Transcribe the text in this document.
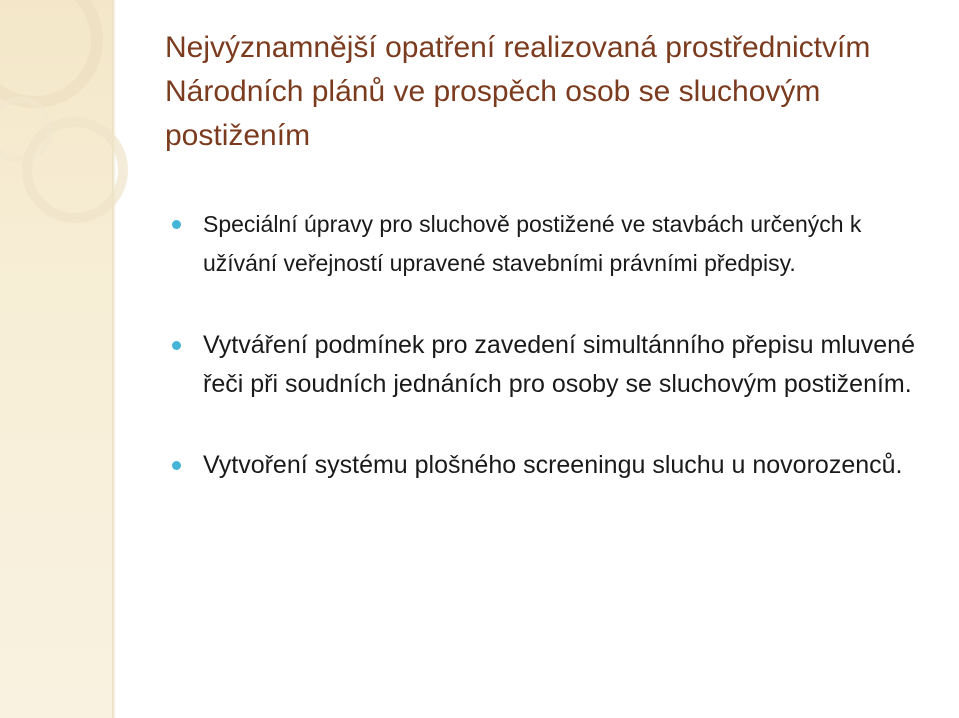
Nejvýznamnější opatření realizovaná prostřednictvím Národních plánů ve prospěch osob se sluchovým postižením
Speciální úpravy pro sluchově postižené ve stavbách určených k užívání veřejností upravené stavebními právními předpisy.
Vytváření podmínek pro zavedení simultánního přepisu mluvené řeči při soudních jednáních pro osoby se sluchovým postižením.
Vytvoření systému plošného screeningu sluchu u novorozenců.
